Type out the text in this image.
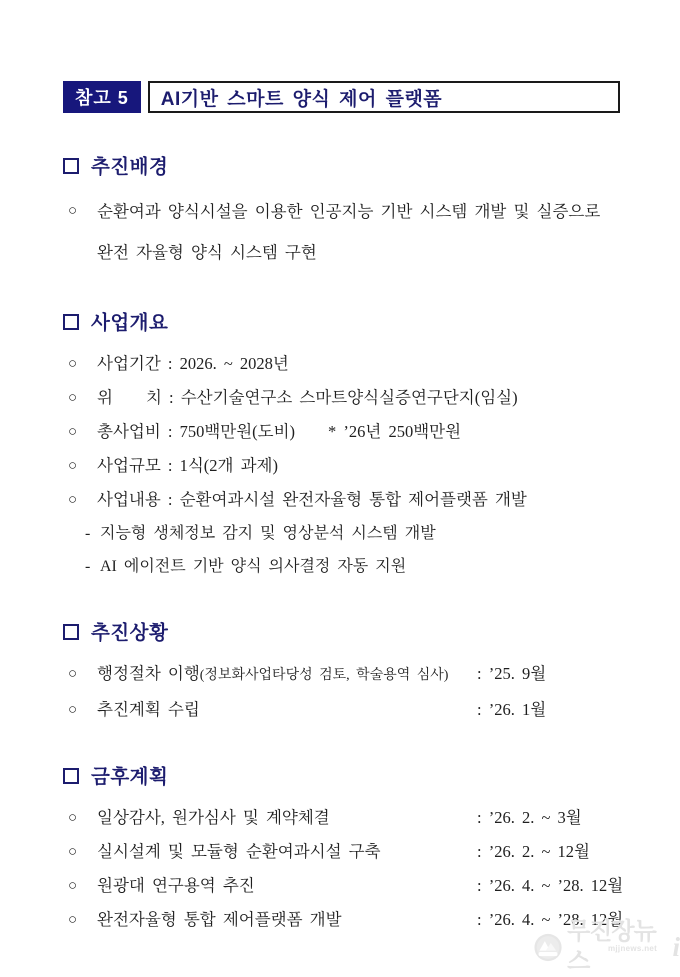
참고 5 AI기반 스마트 양식 제어 플랫폼
추진배경
○ 순환여과 양식시설을 이용한 인공지능 기반 시스템 개발 및 실증으로 완전 자율형 양식 시스템 구현
사업개요
○ 사업기간 : 2026. ~ 2028년
○ 위　　치 : 수산기술연구소 스마트양식실증연구단지(임실)
○ 총사업비 : 750백만원(도비)　　* ’26년 250백만원
○ 사업규모 : 1식(2개 과제)
○ 사업내용 : 순환여과시설 완전자율형 통합 제어플랫폼 개발
- 지능형 생체정보 감지 및 영상분석 시스템 개발
- AI 에이전트 기반 양식 의사결정 자동 지원
추진상황
○ 행정절차 이행(정보화사업타당성 검토, 학술용역 심사) : ’25. 9월
○ 추진계획 수립	: ’26. 1월
금후계획
○ 일상감사, 원가심사 및 계약체결	: ’26. 2. ~ 3월
○ 실시설계 및 모듈형 순환여과시설 구축	: ’26. 2. ~ 12월
○ 원광대 연구용역 추진	: ’26. 4. ~ ’28. 12월
○ 완전자율형 통합 제어플랫폼 개발	: ’26. 4. ~ ’28. 12월
무진장뉴스	i
mjjnews.net
